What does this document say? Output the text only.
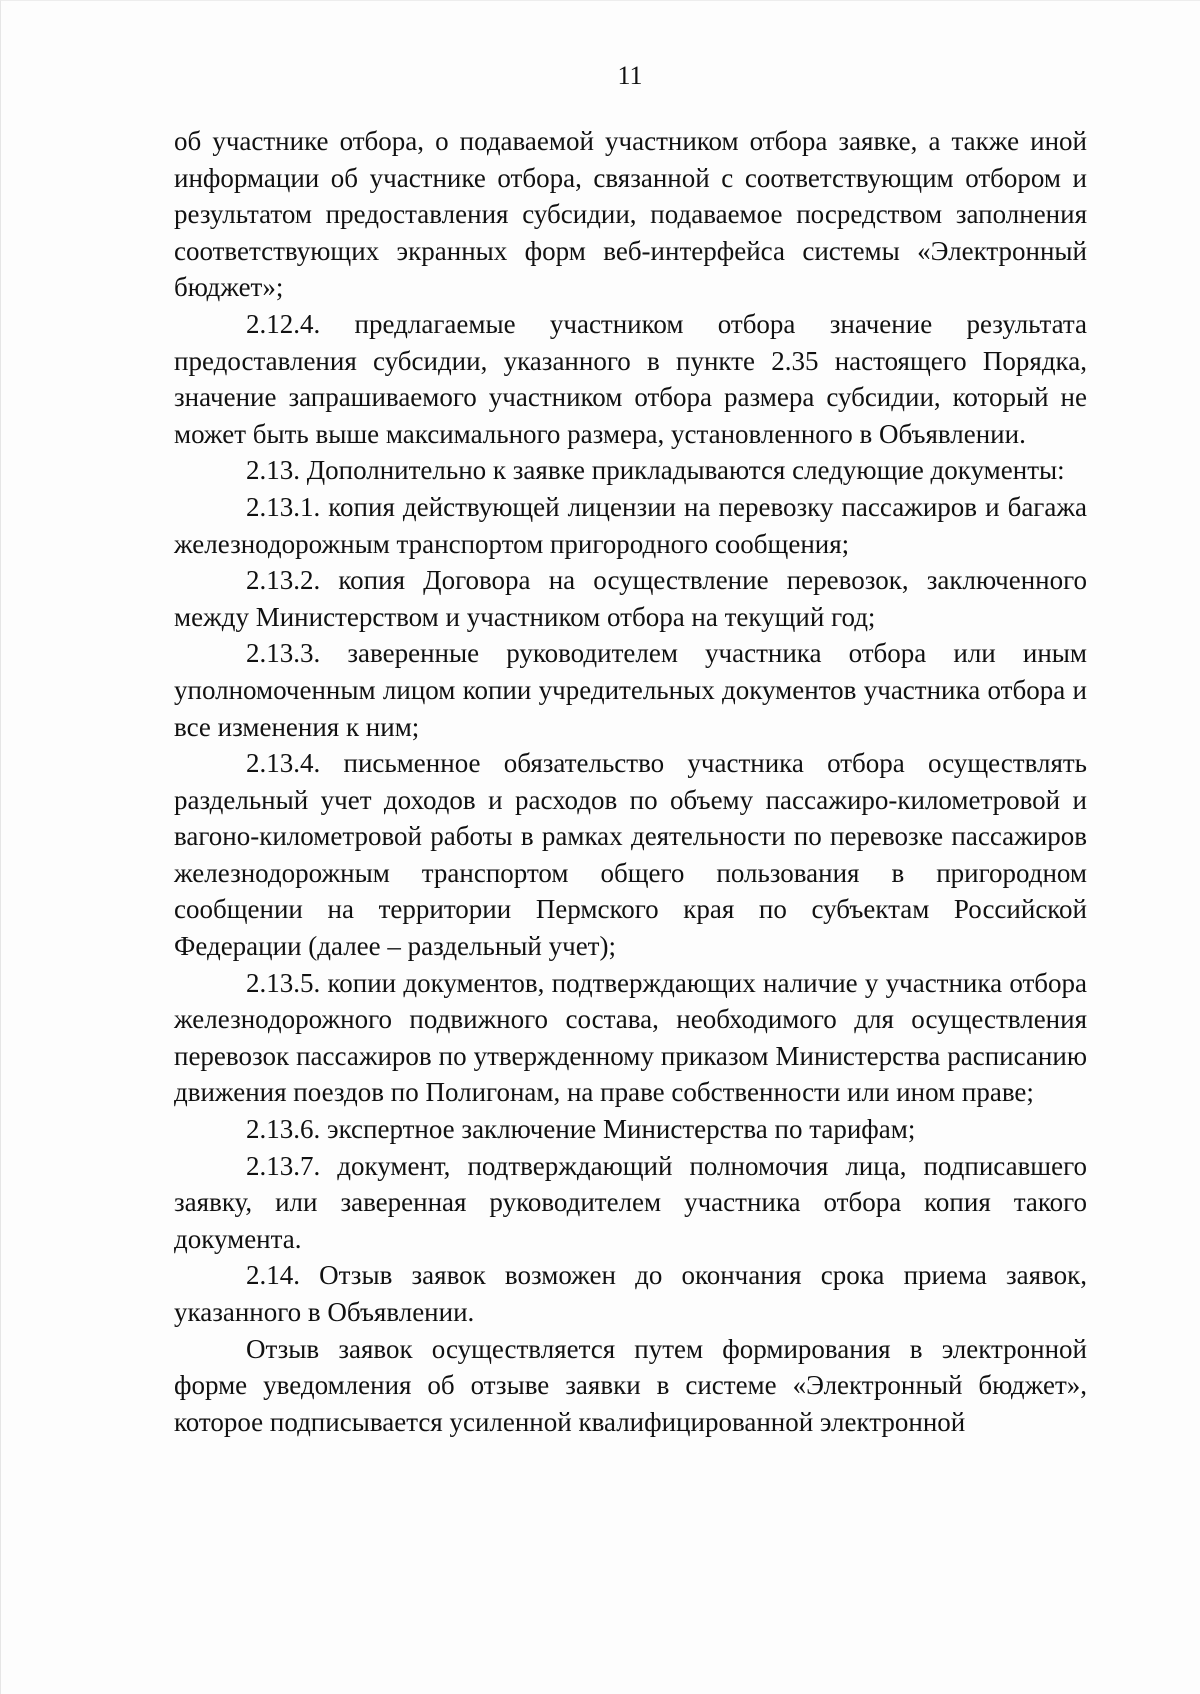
11

об участнике отбора, о подаваемой участником отбора заявке, а также иной информации об участнике отбора, связанной с соответствующим отбором и результатом предоставления субсидии, подаваемое посредством заполнения соответствующих экранных форм веб-интерфейса системы «Электронный бюджет»;

2.12.4. предлагаемые участником отбора значение результата предоставления субсидии, указанного в пункте 2.35 настоящего Порядка, значение запрашиваемого участником отбора размера субсидии, который не может быть выше максимального размера, установленного в Объявлении.

2.13. Дополнительно к заявке прикладываются следующие документы:

2.13.1. копия действующей лицензии на перевозку пассажиров и багажа железнодорожным транспортом пригородного сообщения;

2.13.2. копия Договора на осуществление перевозок, заключенного между Министерством и участником отбора на текущий год;

2.13.3. заверенные руководителем участника отбора или иным уполномоченным лицом копии учредительных документов участника отбора и все изменения к ним;

2.13.4. письменное обязательство участника отбора осуществлять раздельный учет доходов и расходов по объему пассажиро-километровой и вагоно-километровой работы в рамках деятельности по перевозке пассажиров железнодорожным транспортом общего пользования в пригородном сообщении на территории Пермского края по субъектам Российской Федерации (далее – раздельный учет);

2.13.5. копии документов, подтверждающих наличие у участника отбора железнодорожного подвижного состава, необходимого для осуществления перевозок пассажиров по утвержденному приказом Министерства расписанию движения поездов по Полигонам, на праве собственности или ином праве;

2.13.6. экспертное заключение Министерства по тарифам;

2.13.7. документ, подтверждающий полномочия лица, подписавшего заявку, или заверенная руководителем участника отбора копия такого документа.

2.14. Отзыв заявок возможен до окончания срока приема заявок, указанного в Объявлении.

Отзыв заявок осуществляется путем формирования в электронной форме уведомления об отзыве заявки в системе «Электронный бюджет», которое подписывается усиленной квалифицированной электронной
